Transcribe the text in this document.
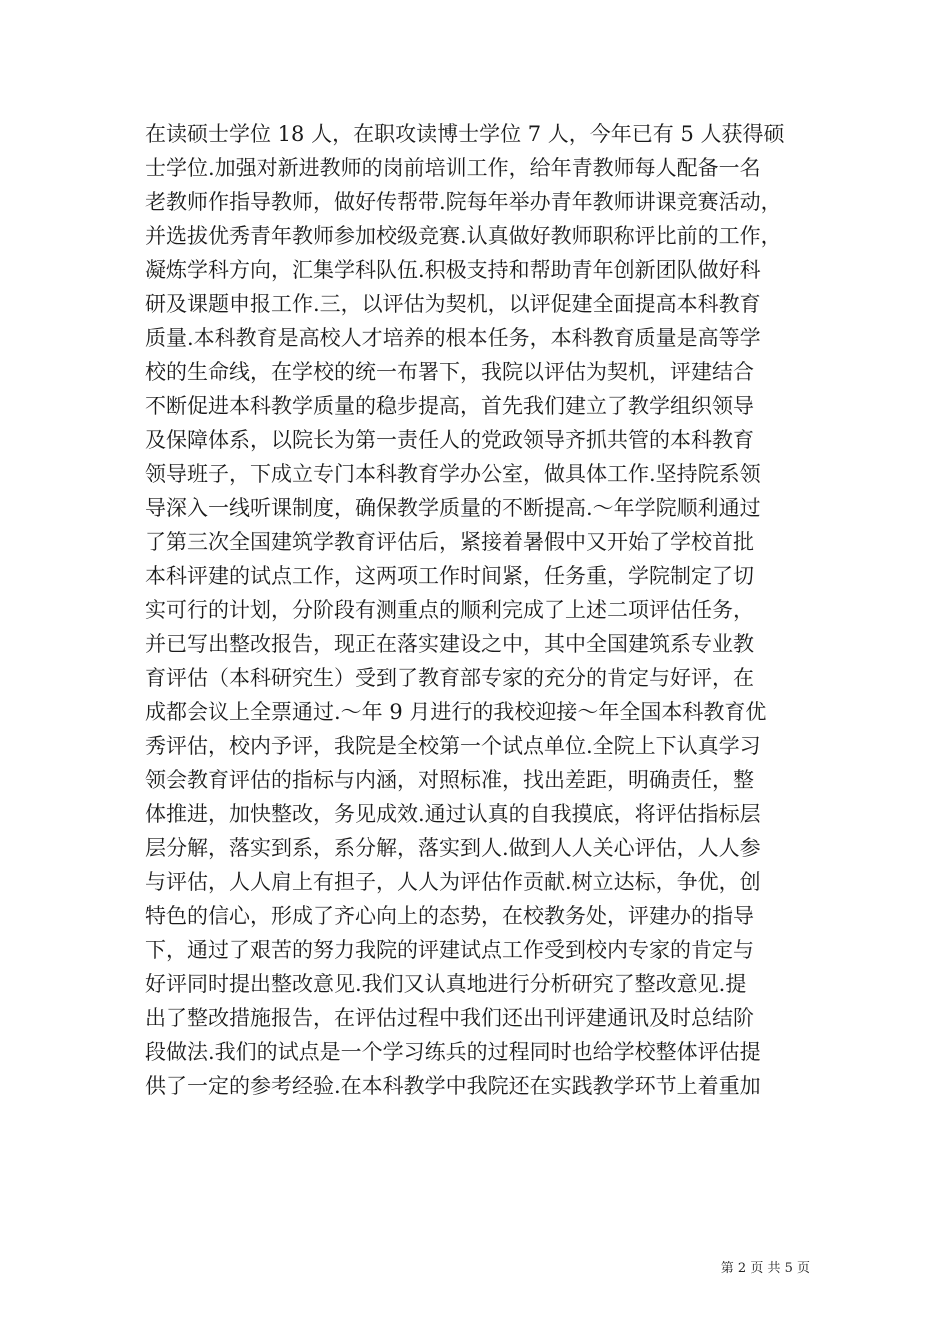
在读硕士学位 18 人，在职攻读博士学位 7 人，今年已有 5 人获得硕
士学位.加强对新进教师的岗前培训工作，给年青教师每人配备一名
老教师作指导教师，做好传帮带.院每年举办青年教师讲课竞赛活动，
并选拔优秀青年教师参加校级竞赛.认真做好教师职称评比前的工作，
凝炼学科方向，汇集学科队伍.积极支持和帮助青年创新团队做好科
研及课题申报工作.三，以评估为契机，以评促建全面提高本科教育
质量.本科教育是高校人才培养的根本任务，本科教育质量是高等学
校的生命线，在学校的统一布署下，我院以评估为契机，评建结合
不断促进本科教学质量的稳步提高，首先我们建立了教学组织领导
及保障体系，以院长为第一责任人的党政领导齐抓共管的本科教育
领导班子，下成立专门本科教育学办公室，做具体工作.坚持院系领
导深入一线听课制度，确保教学质量的不断提高.～年学院顺利通过
了第三次全国建筑学教育评估后，紧接着暑假中又开始了学校首批
本科评建的试点工作，这两项工作时间紧，任务重，学院制定了切
实可行的计划，分阶段有测重点的顺利完成了上述二项评估任务，
并已写出整改报告，现正在落实建设之中，其中全国建筑系专业教
育评估（本科研究生）受到了教育部专家的充分的肯定与好评，在
成都会议上全票通过.～年 9 月进行的我校迎接～年全国本科教育优
秀评估，校内予评，我院是全校第一个试点单位.全院上下认真学习
领会教育评估的指标与内涵，对照标准，找出差距，明确责任，整
体推进，加快整改，务见成效.通过认真的自我摸底，将评估指标层
层分解，落实到系，系分解，落实到人.做到人人关心评估，人人参
与评估，人人肩上有担子，人人为评估作贡献.树立达标，争优，创
特色的信心，形成了齐心向上的态势，在校教务处，评建办的指导
下，通过了艰苦的努力我院的评建试点工作受到校内专家的肯定与
好评同时提出整改意见.我们又认真地进行分析研究了整改意见.提
出了整改措施报告，在评估过程中我们还出刊评建通讯及时总结阶
段做法.我们的试点是一个学习练兵的过程同时也给学校整体评估提
供了一定的参考经验.在本科教学中我院还在实践教学环节上着重加
第 2 页 共 5 页
